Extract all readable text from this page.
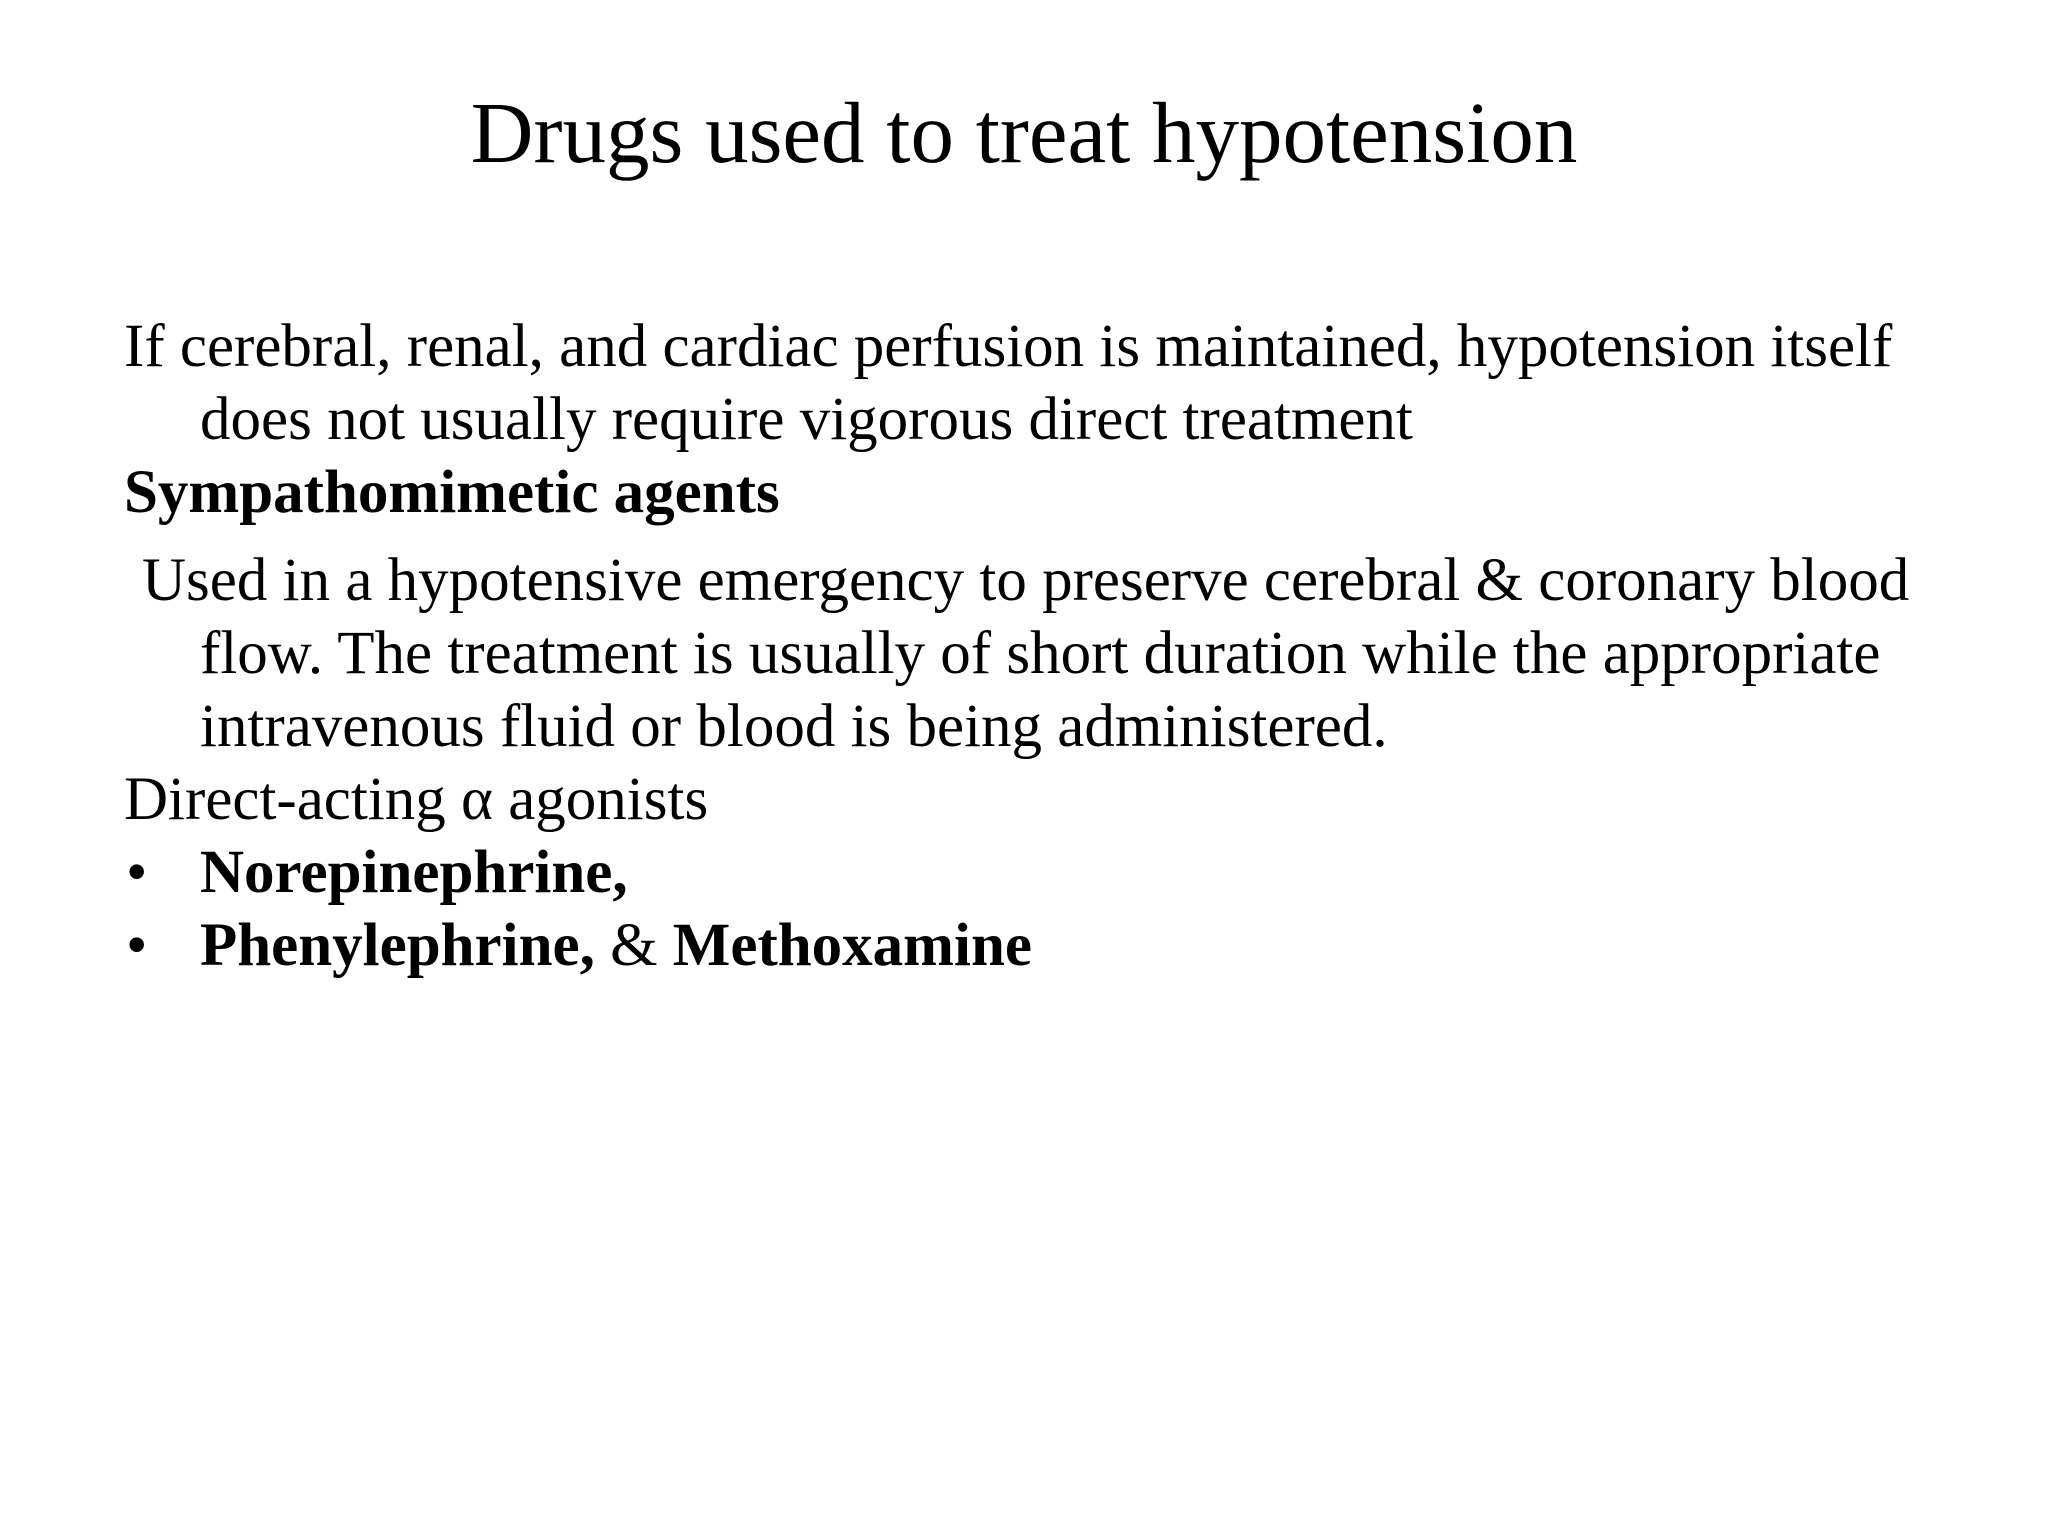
Drugs used to treat hypotension

If cerebral, renal, and cardiac perfusion is maintained, hypotension itself does not usually require vigorous direct treatment

Sympathomimetic agents

Used in a hypotensive emergency to preserve cerebral & coronary blood flow. The treatment is usually of short duration while the appropriate intravenous fluid or blood is being administered.

Direct-acting α agonists

• Norepinephrine,
• Phenylephrine, & Methoxamine
